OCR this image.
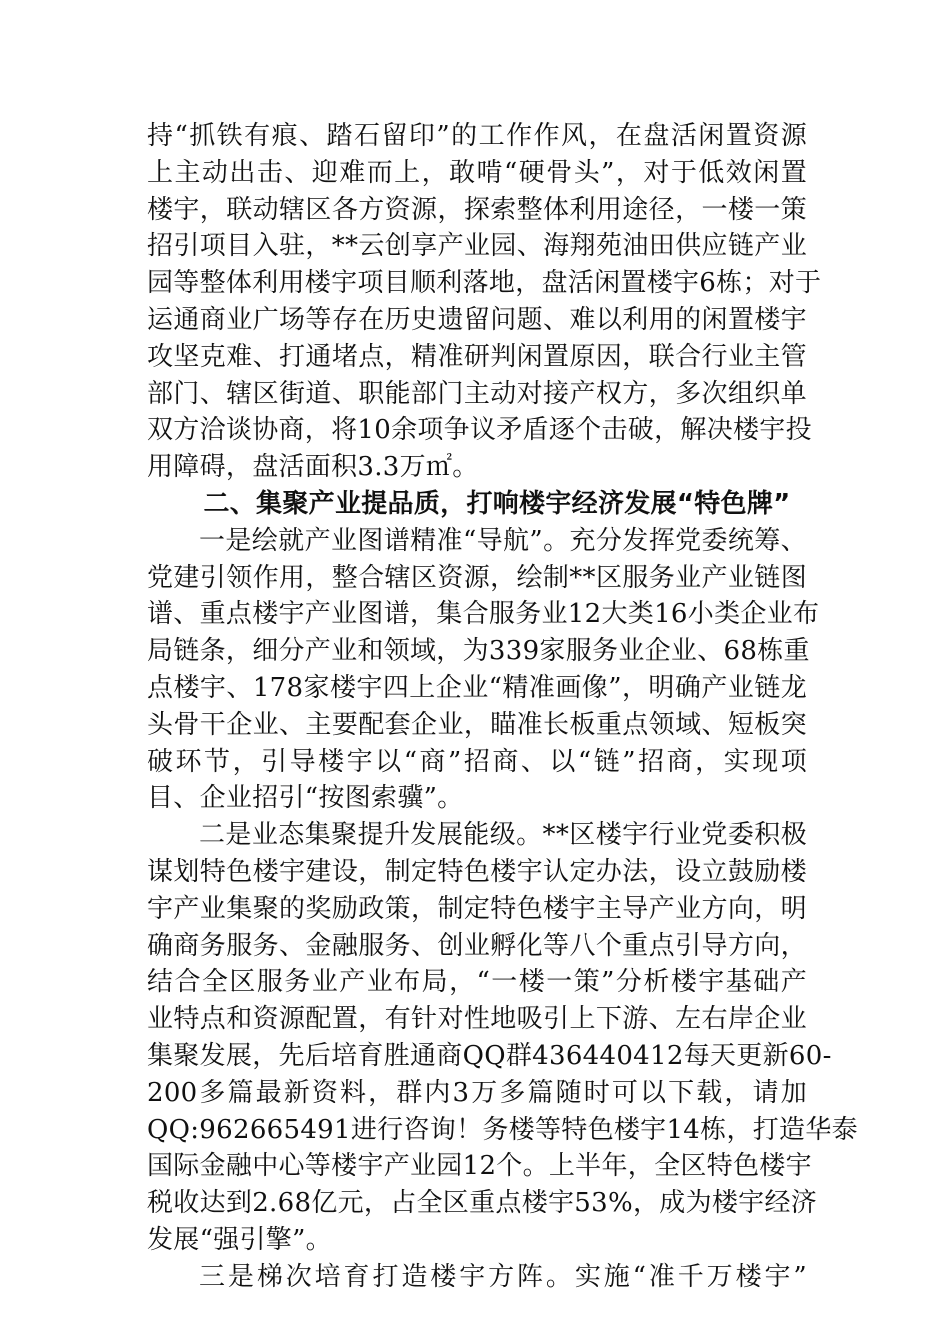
持“抓铁有痕、踏石留印”的工作作风，在盘活闲置资源
上主动出击、迎难而上，敢啃“硬骨头”，对于低效闲置
楼宇，联动辖区各方资源，探索整体利用途径，一楼一策
招引项目入驻，**云创享产业园、海翔苑油田供应链产业
园等整体利用楼宇项目顺利落地，盘活闲置楼宇6栋；对于
运通商业广场等存在历史遗留问题、难以利用的闲置楼宇
攻坚克难、打通堵点，精准研判闲置原因，联合行业主管
部门、辖区街道、职能部门主动对接产权方，多次组织单
双方洽谈协商，将10余项争议矛盾逐个击破，解决楼宇投
用障碍，盘活面积3.3万㎡。
二、集聚产业提品质，打响楼宇经济发展“特色牌”
一是绘就产业图谱精准“导航”。充分发挥党委统筹、
党建引领作用，整合辖区资源，绘制**区服务业产业链图
谱、重点楼宇产业图谱，集合服务业12大类16小类企业布
局链条，细分产业和领域，为339家服务业企业、68栋重
点楼宇、178家楼宇四上企业“精准画像”，明确产业链龙
头骨干企业、主要配套企业，瞄准长板重点领域、短板突
破环节，引导楼宇以“商”招商、以“链”招商，实现项
目、企业招引“按图索骥”。
二是业态集聚提升发展能级。**区楼宇行业党委积极
谋划特色楼宇建设，制定特色楼宇认定办法，设立鼓励楼
宇产业集聚的奖励政策，制定特色楼宇主导产业方向，明
确商务服务、金融服务、创业孵化等八个重点引导方向，
结合全区服务业产业布局，“一楼一策”分析楼宇基础产
业特点和资源配置，有针对性地吸引上下游、左右岸企业
集聚发展，先后培育胜通商QQ群436440412每天更新60-
200多篇最新资料，群内3万多篇随时可以下载，请加
QQ:962665491进行咨询！务楼等特色楼宇14栋，打造华泰
国际金融中心等楼宇产业园12个。上半年，全区特色楼宇
税收达到2.68亿元，占全区重点楼宇53%，成为楼宇经济
发展“强引擎”。
三是梯次培育打造楼宇方阵。实施“准千万楼宇”
